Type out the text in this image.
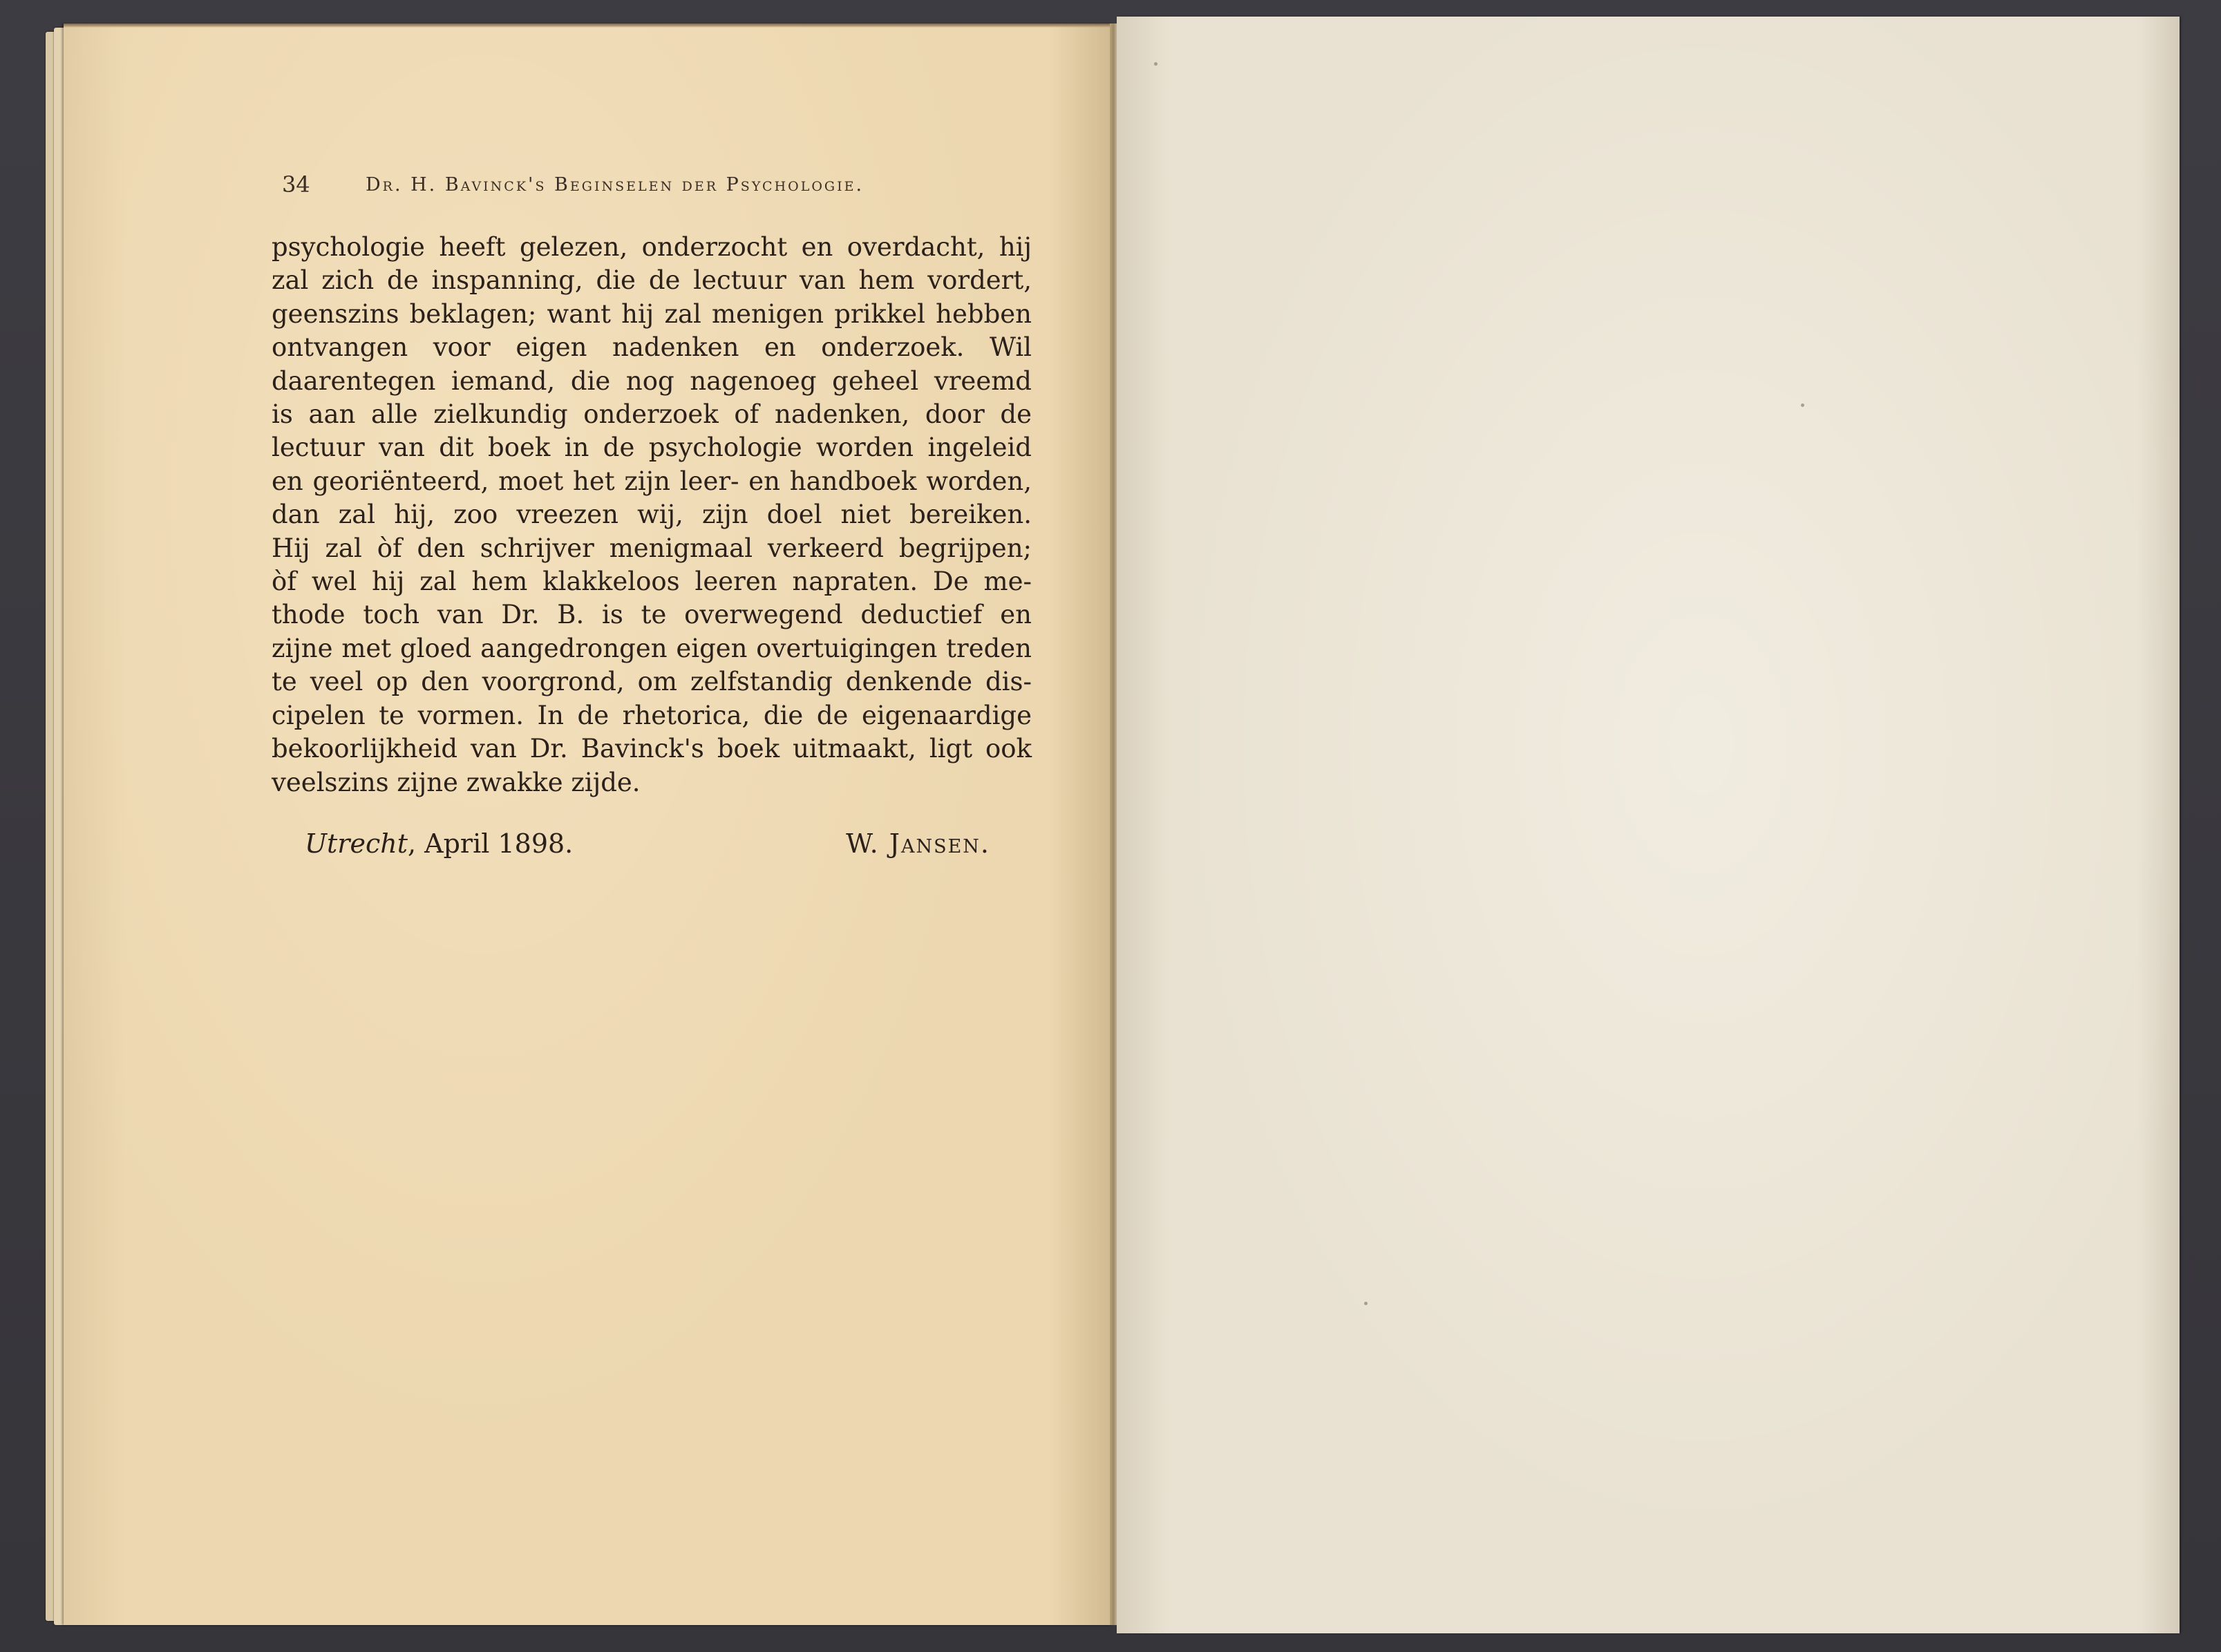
34	Dr. H. Bavinck's Beginselen der Psychologie.
psychologie heeft gelezen, onderzocht en overdacht, hij
zal zich de inspanning, die de lectuur van hem vordert,
geenszins beklagen; want hij zal menigen prikkel hebben
ontvangen voor eigen nadenken en onderzoek. Wil
daarentegen iemand, die nog nagenoeg geheel vreemd
is aan alle zielkundig onderzoek of nadenken, door de
lectuur van dit boek in de psychologie worden ingeleid
en georiënteerd, moet het zijn leer- en handboek worden,
dan zal hij, zoo vreezen wij, zijn doel niet bereiken.
Hij zal òf den schrijver menigmaal verkeerd begrijpen;
òf wel hij zal hem klakkeloos leeren napraten. De me-
thode toch van Dr. B. is te overwegend deductief en
zijne met gloed aangedrongen eigen overtuigingen treden
te veel op den voorgrond, om zelfstandig denkende dis-
cipelen te vormen. In de rhetorica, die de eigenaardige
bekoorlijkheid van Dr. Bavinck's boek uitmaakt, ligt ook
veelszins zijne zwakke zijde.
Utrecht, April 1898.	W. Jansen.
